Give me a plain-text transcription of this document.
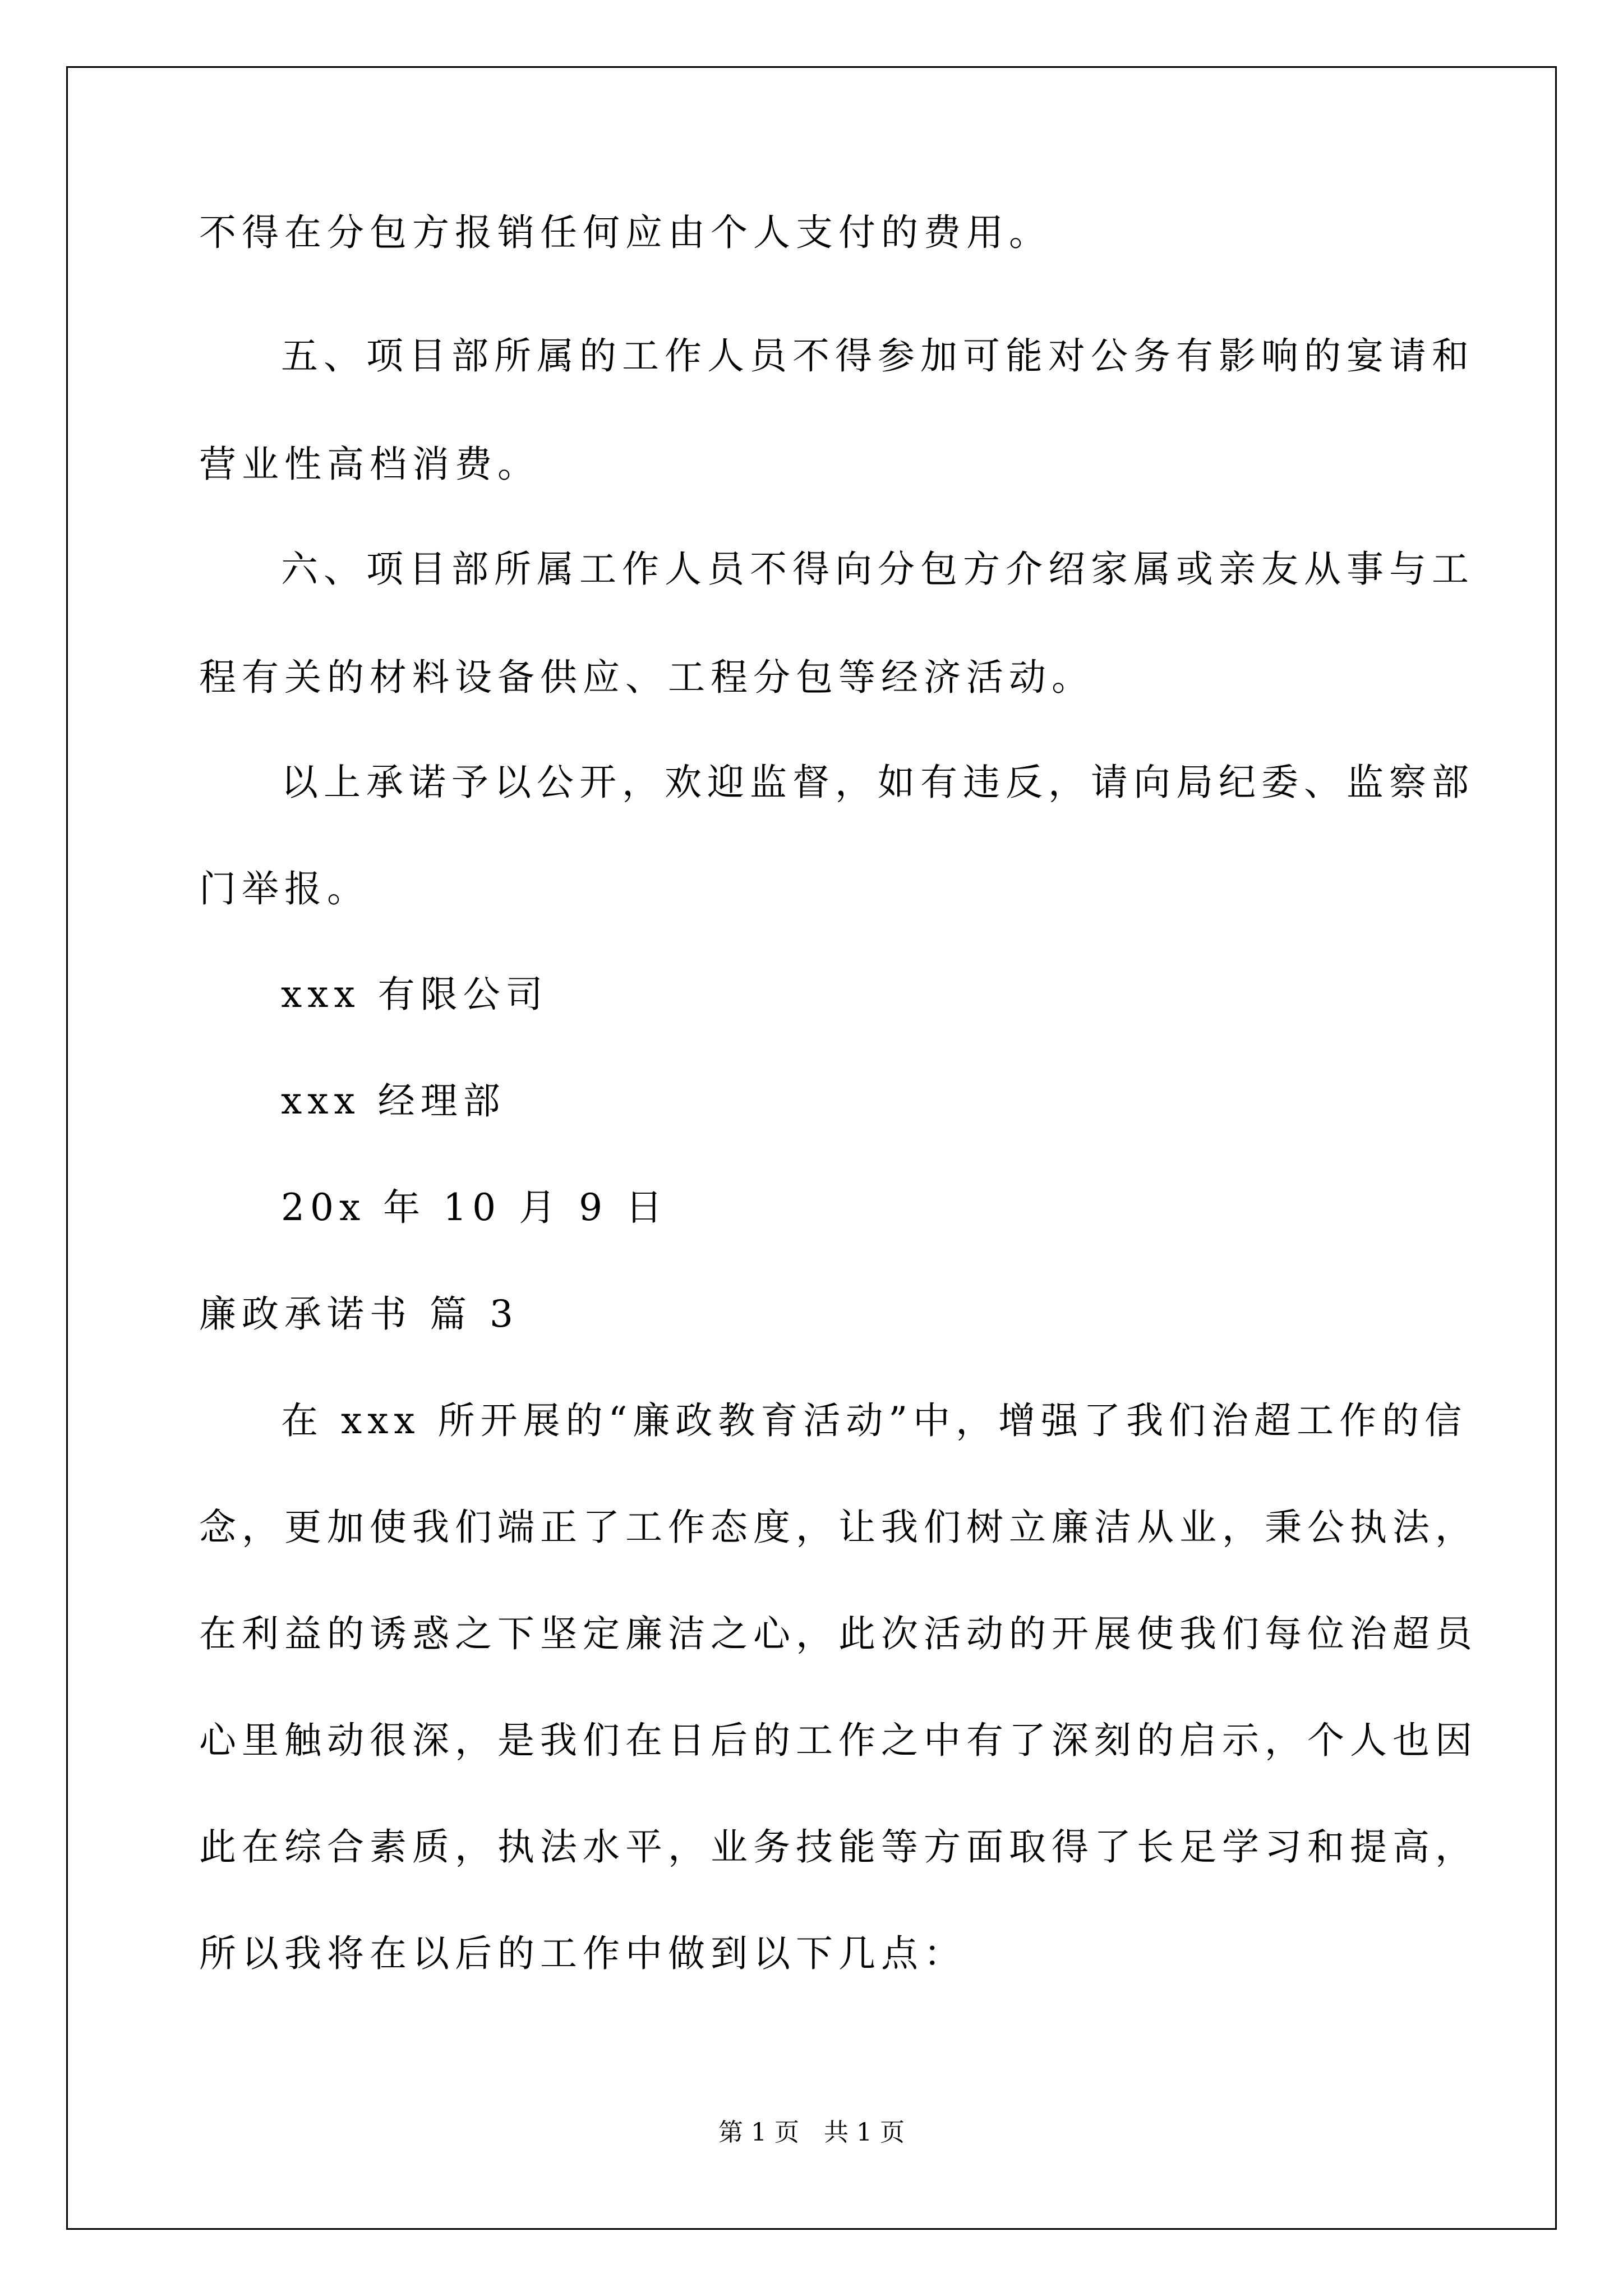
不得在分包方报销任何应由个人支付的费用。
五、项目部所属的工作人员不得参加可能对公务有影响的宴请和
营业性高档消费。
六、项目部所属工作人员不得向分包方介绍家属或亲友从事与工
程有关的材料设备供应、工程分包等经济活动。
以上承诺予以公开，欢迎监督，如有违反，请向局纪委、监察部
门举报。
xxx 有限公司
xxx 经理部
20x 年 10 月 9 日
廉政承诺书 篇 3
在 xxx 所开展的“廉政教育活动”中，增强了我们治超工作的信
念，更加使我们端正了工作态度，让我们树立廉洁从业，秉公执法，
在利益的诱惑之下坚定廉洁之心，此次活动的开展使我们每位治超员
心里触动很深，是我们在日后的工作之中有了深刻的启示，个人也因
此在综合素质，执法水平，业务技能等方面取得了长足学习和提高，
所以我将在以后的工作中做到以下几点：
第 1 页　共 1 页
